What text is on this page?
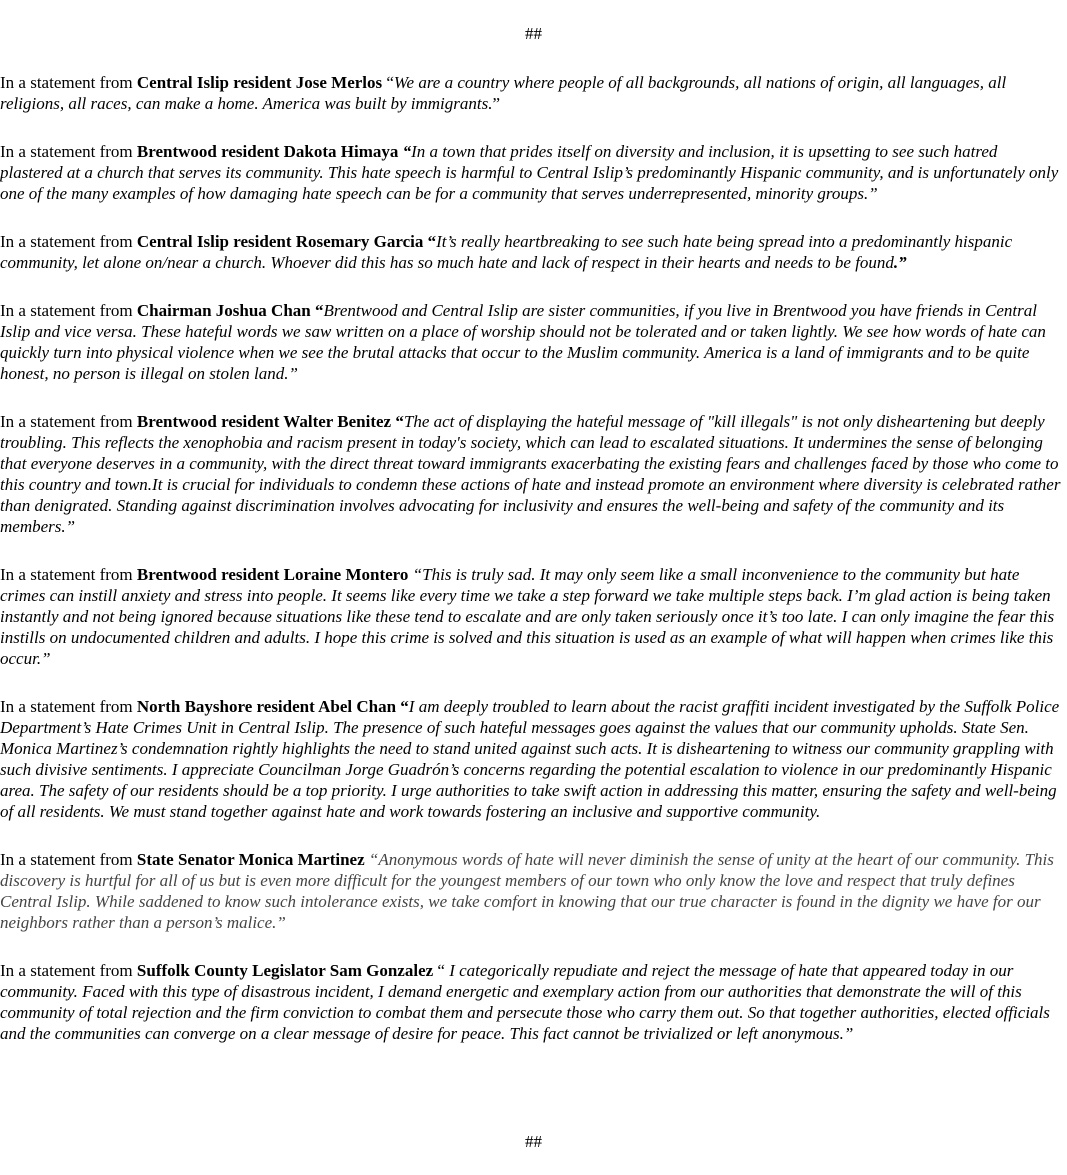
##

In a statement from Central Islip resident Jose Merlos “We are a country where people of all backgrounds, all nations of origin, all languages, all religions, all races, can make a home. America was built by immigrants.”

In a statement from Brentwood resident Dakota Himaya “In a town that prides itself on diversity and inclusion, it is upsetting to see such hatred plastered at a church that serves its community. This hate speech is harmful to Central Islip’s predominantly Hispanic community, and is unfortunately only one of the many examples of how damaging hate speech can be for a community that serves underrepresented, minority groups.”

In a statement from Central Islip resident Rosemary Garcia “It’s really heartbreaking to see such hate being spread into a predominantly hispanic community, let alone on/near a church. Whoever did this has so much hate and lack of respect in their hearts and needs to be found.”

In a statement from Chairman Joshua Chan “Brentwood and Central Islip are sister communities, if you live in Brentwood you have friends in Central Islip and vice versa. These hateful words we saw written on a place of worship should not be tolerated and or taken lightly. We see how words of hate can quickly turn into physical violence when we see the brutal attacks that occur to the Muslim community. America is a land of immigrants and to be quite honest, no person is illegal on stolen land.”

In a statement from Brentwood resident Walter Benitez “The act of displaying the hateful message of "kill illegals" is not only disheartening but deeply troubling. This reflects the xenophobia and racism present in today's society, which can lead to escalated situations. It undermines the sense of belonging that everyone deserves in a community, with the direct threat toward immigrants exacerbating the existing fears and challenges faced by those who come to this country and town.It is crucial for individuals to condemn these actions of hate and instead promote an environment where diversity is celebrated rather than denigrated. Standing against discrimination involves advocating for inclusivity and ensures the well-being and safety of the community and its members.”

In a statement from Brentwood resident Loraine Montero “This is truly sad. It may only seem like a small inconvenience to the community but hate crimes can instill anxiety and stress into people. It seems like every time we take a step forward we take multiple steps back. I’m glad action is being taken instantly and not being ignored because situations like these tend to escalate and are only taken seriously once it’s too late. I can only imagine the fear this instills on undocumented children and adults. I hope this crime is solved and this situation is used as an example of what will happen when crimes like this occur.”

In a statement from North Bayshore resident Abel Chan “I am deeply troubled to learn about the racist graffiti incident investigated by the Suffolk Police Department’s Hate Crimes Unit in Central Islip. The presence of such hateful messages goes against the values that our community upholds. State Sen. Monica Martinez’s condemnation rightly highlights the need to stand united against such acts. It is disheartening to witness our community grappling with such divisive sentiments. I appreciate Councilman Jorge Guadrón’s concerns regarding the potential escalation to violence in our predominantly Hispanic area. The safety of our residents should be a top priority. I urge authorities to take swift action in addressing this matter, ensuring the safety and well-being of all residents. We must stand together against hate and work towards fostering an inclusive and supportive community.

In a statement from State Senator Monica Martinez “Anonymous words of hate will never diminish the sense of unity at the heart of our community. This discovery is hurtful for all of us but is even more difficult for the youngest members of our town who only know the love and respect that truly defines Central Islip. While saddened to know such intolerance exists, we take comfort in knowing that our true character is found in the dignity we have for our neighbors rather than a person’s malice.”

In a statement from Suffolk County Legislator Sam Gonzalez “ I categorically repudiate and reject the message of hate that appeared today in our community. Faced with this type of disastrous incident, I demand energetic and exemplary action from our authorities that demonstrate the will of this community of total rejection and the firm conviction to combat them and persecute those who carry them out. So that together authorities, elected officials and the communities can converge on a clear message of desire for peace. This fact cannot be trivialized or left anonymous.”

##
